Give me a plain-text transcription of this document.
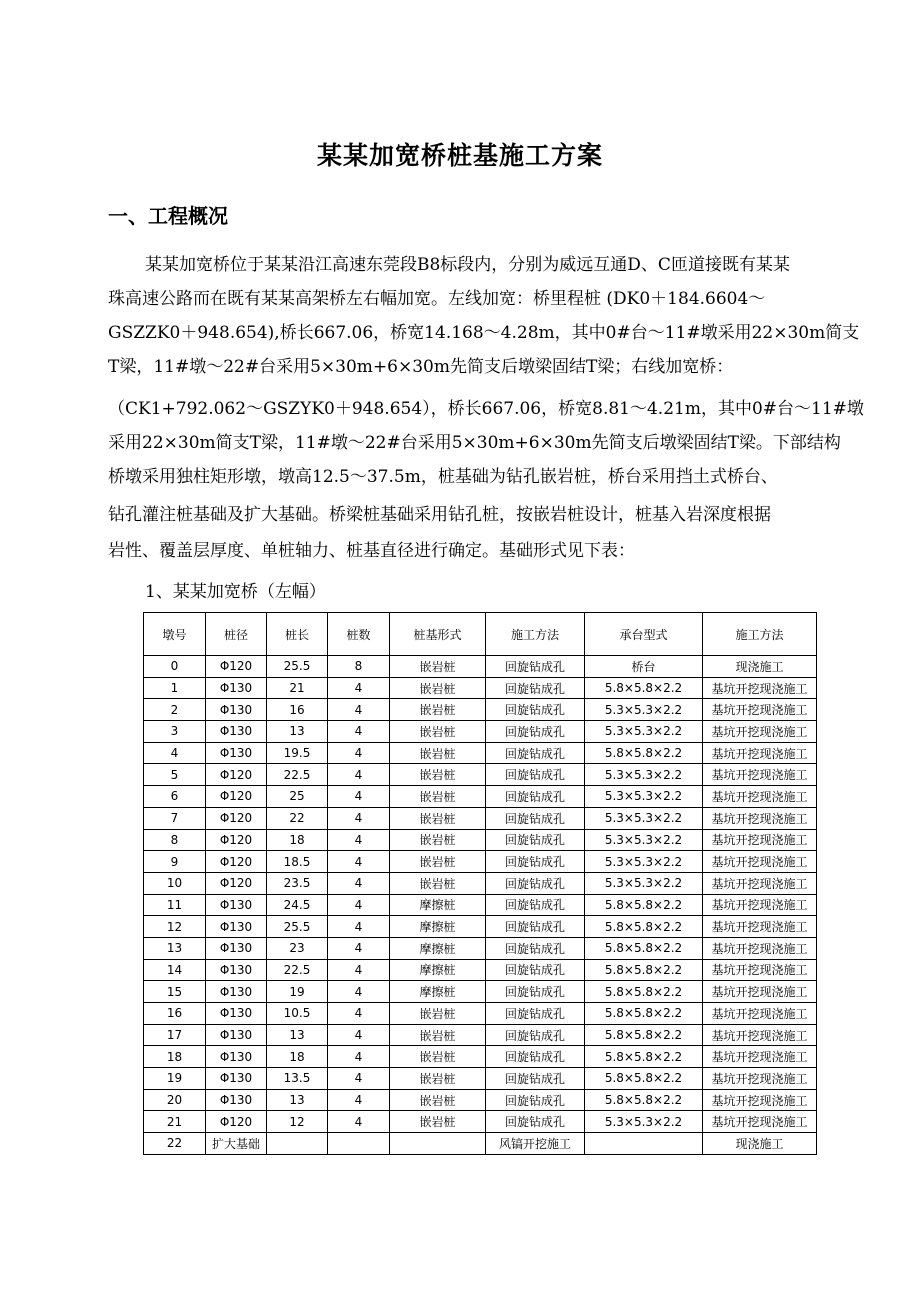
某某加宽桥桩基施工方案
一、工程概况
某某加宽桥位于某某沿江高速东莞段B8标段内，分别为威远互通D、C匝道接既有某某
珠高速公路而在既有某某高架桥左右幅加宽。左线加宽：桥里程桩 (DK0＋184.6604～
GSZZK0＋948.654),桥长667.06，桥宽14.168～4.28m，其中0#台～11#墩采用22×30m简支
T梁，11#墩～22#台采用5×30m+6×30m先简支后墩梁固结T梁；右线加宽桥：
（CK1+792.062～GSZYK0＋948.654），桥长667.06，桥宽8.81～4.21m，其中0#台～11#墩
采用22×30m简支T梁，11#墩～22#台采用5×30m+6×30m先简支后墩梁固结T梁。下部结构
桥墩采用独柱矩形墩，墩高12.5～37.5m，桩基础为钻孔嵌岩桩，桥台采用挡土式桥台、
钻孔灌注桩基础及扩大基础。桥梁桩基础采用钻孔桩，按嵌岩桩设计，桩基入岩深度根据
岩性、覆盖层厚度、单桩轴力、桩基直径进行确定。基础形式见下表：
1、某某加宽桥（左幅）
墩号	桩径	桩长	桩数	桩基形式	施工方法	承台型式	施工方法
0	Φ120	25.5	8	嵌岩桩	回旋钻成孔	桥台	现浇施工
1	Φ130	21	4	嵌岩桩	回旋钻成孔	5.8×5.8×2.2	基坑开挖现浇施工
2	Φ130	16	4	嵌岩桩	回旋钻成孔	5.3×5.3×2.2	基坑开挖现浇施工
3	Φ130	13	4	嵌岩桩	回旋钻成孔	5.3×5.3×2.2	基坑开挖现浇施工
4	Φ130	19.5	4	嵌岩桩	回旋钻成孔	5.8×5.8×2.2	基坑开挖现浇施工
5	Φ120	22.5	4	嵌岩桩	回旋钻成孔	5.3×5.3×2.2	基坑开挖现浇施工
6	Φ120	25	4	嵌岩桩	回旋钻成孔	5.3×5.3×2.2	基坑开挖现浇施工
7	Φ120	22	4	嵌岩桩	回旋钻成孔	5.3×5.3×2.2	基坑开挖现浇施工
8	Φ120	18	4	嵌岩桩	回旋钻成孔	5.3×5.3×2.2	基坑开挖现浇施工
9	Φ120	18.5	4	嵌岩桩	回旋钻成孔	5.3×5.3×2.2	基坑开挖现浇施工
10	Φ120	23.5	4	嵌岩桩	回旋钻成孔	5.3×5.3×2.2	基坑开挖现浇施工
11	Φ130	24.5	4	摩擦桩	回旋钻成孔	5.8×5.8×2.2	基坑开挖现浇施工
12	Φ130	25.5	4	摩擦桩	回旋钻成孔	5.8×5.8×2.2	基坑开挖现浇施工
13	Φ130	23	4	摩擦桩	回旋钻成孔	5.8×5.8×2.2	基坑开挖现浇施工
14	Φ130	22.5	4	摩擦桩	回旋钻成孔	5.8×5.8×2.2	基坑开挖现浇施工
15	Φ130	19	4	摩擦桩	回旋钻成孔	5.8×5.8×2.2	基坑开挖现浇施工
16	Φ130	10.5	4	嵌岩桩	回旋钻成孔	5.8×5.8×2.2	基坑开挖现浇施工
17	Φ130	13	4	嵌岩桩	回旋钻成孔	5.8×5.8×2.2	基坑开挖现浇施工
18	Φ130	18	4	嵌岩桩	回旋钻成孔	5.8×5.8×2.2	基坑开挖现浇施工
19	Φ130	13.5	4	嵌岩桩	回旋钻成孔	5.8×5.8×2.2	基坑开挖现浇施工
20	Φ130	13	4	嵌岩桩	回旋钻成孔	5.8×5.8×2.2	基坑开挖现浇施工
21	Φ120	12	4	嵌岩桩	回旋钻成孔	5.3×5.3×2.2	基坑开挖现浇施工
22	扩大基础				风镐开挖施工		现浇施工
